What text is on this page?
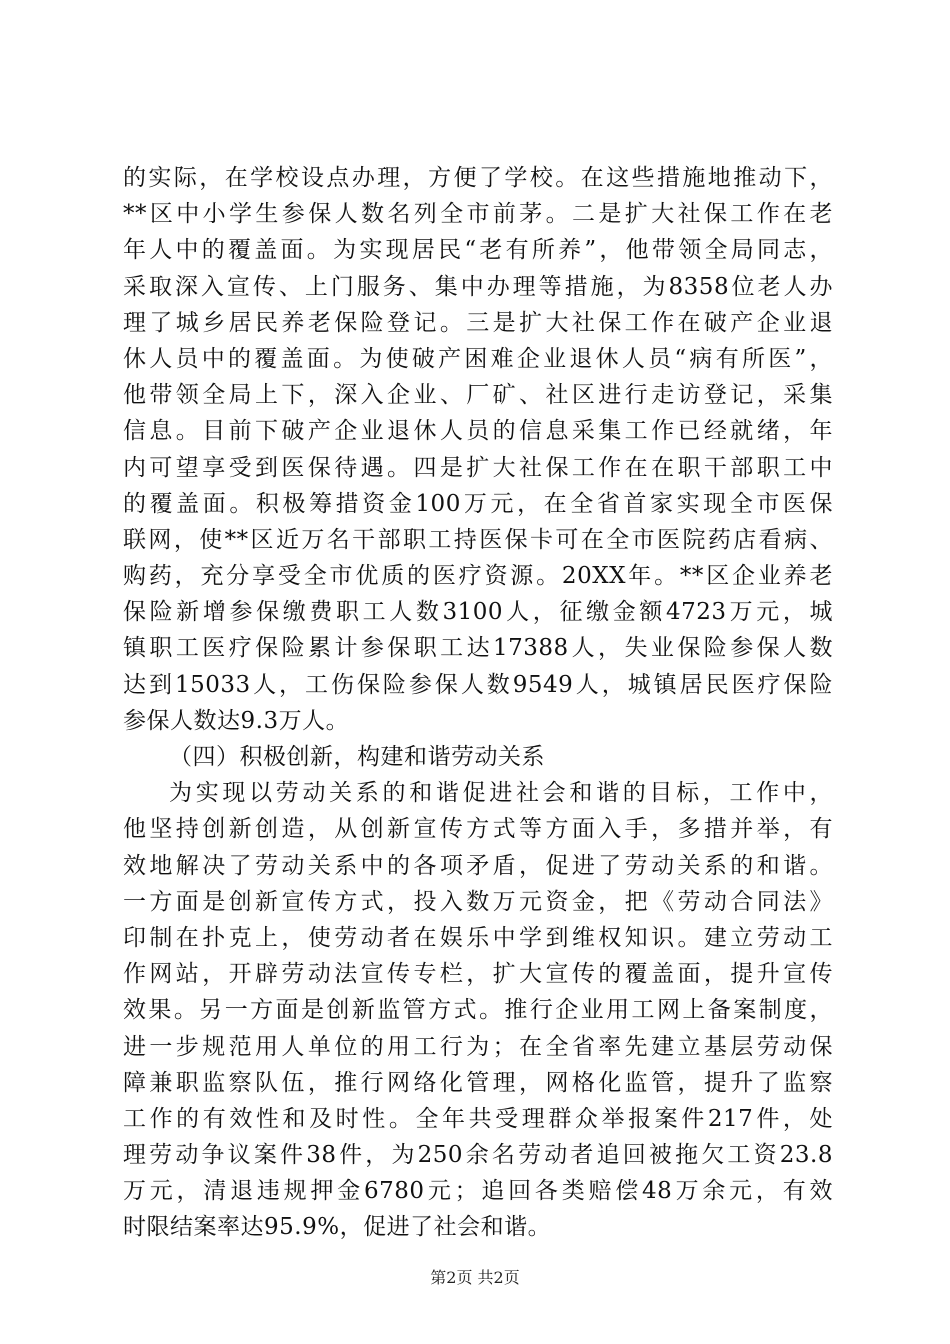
的实际，在学校设点办理，方便了学校。在这些措施地推动下，
**区中小学生参保人数名列全市前茅。二是扩大社保工作在老
年人中的覆盖面。为实现居民“老有所养”，他带领全局同志，
采取深入宣传、上门服务、集中办理等措施，为8358位老人办
理了城乡居民养老保险登记。三是扩大社保工作在破产企业退
休人员中的覆盖面。为使破产困难企业退休人员“病有所医”，
他带领全局上下，深入企业、厂矿、社区进行走访登记，采集
信息。目前下破产企业退休人员的信息采集工作已经就绪，年
内可望享受到医保待遇。四是扩大社保工作在在职干部职工中
的覆盖面。积极筹措资金100万元，在全省首家实现全市医保
联网，使**区近万名干部职工持医保卡可在全市医院药店看病、
购药，充分享受全市优质的医疗资源。20XX年。**区企业养老
保险新增参保缴费职工人数3100人，征缴金额4723万元，城
镇职工医疗保险累计参保职工达17388人，失业保险参保人数
达到15033人，工伤保险参保人数9549人，城镇居民医疗保险
参保人数达9.3万人。
（四）积极创新，构建和谐劳动关系
为实现以劳动关系的和谐促进社会和谐的目标，工作中，
他坚持创新创造，从创新宣传方式等方面入手，多措并举，有
效地解决了劳动关系中的各项矛盾，促进了劳动关系的和谐。
一方面是创新宣传方式，投入数万元资金，把《劳动合同法》
印制在扑克上，使劳动者在娱乐中学到维权知识。建立劳动工
作网站，开辟劳动法宣传专栏，扩大宣传的覆盖面，提升宣传
效果。另一方面是创新监管方式。推行企业用工网上备案制度，
进一步规范用人单位的用工行为；在全省率先建立基层劳动保
障兼职监察队伍，推行网络化管理，网格化监管，提升了监察
工作的有效性和及时性。全年共受理群众举报案件217件，处
理劳动争议案件38件，为250余名劳动者追回被拖欠工资23.8
万元，清退违规押金6780元；追回各类赔偿48万余元，有效
时限结案率达95.9%，促进了社会和谐。
第2页 共2页
